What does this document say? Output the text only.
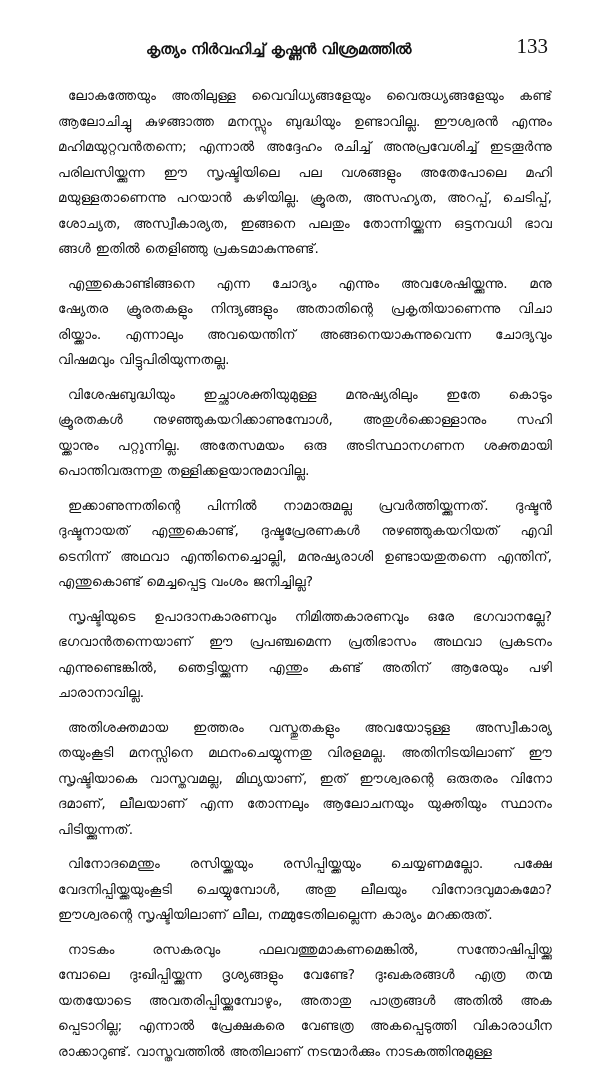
കൃത്യം നിർവഹിച്ച് കൃഷ്ണൻ വിശ്രമത്തിൽ	133

ലോകത്തേയും അതിലുള്ള വൈവിധ്യങ്ങളേയും വൈരുധ്യങ്ങളേയും കണ്ട്
ആലോചിച്ചു കുഴങ്ങാത്ത മനസ്സും ബുദ്ധിയും ഉണ്ടാവില്ല. ഈശ്വരൻ എന്നും
മഹിമയുറ്റവൻതന്നെ; എന്നാൽ അദ്ദേഹം രചിച്ച് അനുപ്രവേശിച്ച് ഇടതൂർന്നു
പരിലസിയ്ക്കുന്ന ഈ സൃഷ്ടിയിലെ പല വശങ്ങളും അതേപോലെ മഹി
മയുള്ളതാണെന്നു പറയാൻ കഴിയില്ല. ക്രൂരത, അസഹ്യത, അറപ്പ്, ചെടിപ്പ്,
ശോച്യത, അസ്വീകാര്യത, ഇങ്ങനെ പലതും തോന്നിയ്ക്കുന്ന ഒട്ടനവധി ഭാവ
ങ്ങൾ ഇതിൽ തെളിഞ്ഞു പ്രകടമാകുന്നുണ്ട്.

എന്തുകൊണ്ടിങ്ങനെ എന്ന ചോദ്യം എന്നും അവശേഷിയ്ക്കുന്നു. മനു
ഷ്യേതര ക്രൂരതകളും നിന്ദ്യങ്ങളും അതാതിന്റെ പ്രകൃതിയാണെന്നു വിചാ
രിയ്ക്കാം. എന്നാലും അവയെന്തിന് അങ്ങനെയാകുന്നുവെന്ന ചോദ്യവും
വിഷമവും വിട്ടുപിരിയുന്നതല്ല.

വിശേഷബുദ്ധിയും ഇച്ഛാശക്തിയുമുള്ള മനുഷ്യരിലും ഇതേ കൊടും
ക്രൂരതകൾ നുഴഞ്ഞുകയറിക്കാണുമ്പോൾ, അതുൾക്കൊള്ളാനും സഹി
യ്ക്കാനും പറ്റുന്നില്ല. അതേസമയം ഒരു അടിസ്ഥാനഗണന ശക്തമായി
പൊന്തിവരുന്നതു തള്ളിക്കളയാനുമാവില്ല.

ഇക്കാണുന്നതിന്റെ പിന്നിൽ നാമാരുമല്ല പ്രവർത്തിയ്ക്കുന്നത്. ദുഷ്ടൻ
ദുഷ്ടനായത് എന്തുകൊണ്ട്, ദുഷ്ടപ്രേരണകൾ നുഴഞ്ഞുകയറിയത് എവി
ടെനിന്ന് അഥവാ എന്തിനെച്ചൊല്ലി, മനുഷ്യരാശി ഉണ്ടായതുതന്നെ എന്തിന്,
എന്തുകൊണ്ട് മെച്ചപ്പെട്ട വംശം ജനിച്ചില്ല?

സൃഷ്ടിയുടെ ഉപാദാനകാരണവും നിമിത്തകാരണവും ഒരേ ഭഗവാനല്ലേ?
ഭഗവാൻതന്നെയാണ് ഈ പ്രപഞ്ചമെന്ന പ്രതിഭാസം അഥവാ പ്രകടനം
എന്നുണ്ടെങ്കിൽ, ഞെട്ടിയ്ക്കുന്ന എന്തും കണ്ട് അതിന് ആരേയും പഴി
ചാരാനാവില്ല.

അതിശക്തമായ ഇത്തരം വസ്തുതകളും അവയോടുള്ള അസ്വീകാര്യ
തയുംകൂടി മനസ്സിനെ മഥനംചെയ്യുന്നതു വിരളമല്ല. അതിനിടയിലാണ് ഈ
സൃഷ്ടിയാകെ വാസ്തവമല്ല, മിഥ്യയാണ്, ഇത് ഈശ്വരന്റെ ഒരുതരം വിനോ
ദമാണ്, ലീലയാണ് എന്ന തോന്നലും ആലോചനയും യുക്തിയും സ്ഥാനം
പിടിയ്ക്കുന്നത്.

വിനോദമെന്തും രസിയ്ക്കയും രസിപ്പിയ്ക്കയും ചെയ്യണമല്ലോ. പക്ഷേ
വേദനിപ്പിയ്ക്കയുംകൂടി ചെയ്യുമ്പോൾ, അതു ലീലയും വിനോദവുമാകുമോ?
ഈശ്വരന്റെ സൃഷ്ടിയിലാണ് ലീല, നമ്മുടേതിലല്ലെന്ന കാര്യം മറക്കരുത്.

നാടകം രസകരവും ഫലവത്തുമാകണമെങ്കിൽ, സന്തോഷിപ്പിയ്ക്കു
മ്പോലെ ദുഃഖിപ്പിയ്ക്കുന്ന ദൃശ്യങ്ങളും വേണ്ടേ? ദുഃഖകരങ്ങൾ എത്ര തന്മ
യതയോടെ അവതരിപ്പിയ്ക്കുമ്പോഴും, അതാതു പാത്രങ്ങൾ അതിൽ അക
പ്പെടാറില്ല; എന്നാൽ പ്രേക്ഷകരെ വേണ്ടത്ര അകപ്പെടുത്തി വികാരാധീന
രാക്കാറുണ്ട്. വാസ്തവത്തിൽ അതിലാണ് നടന്മാർക്കും നാടകത്തിനുമുള്ള
